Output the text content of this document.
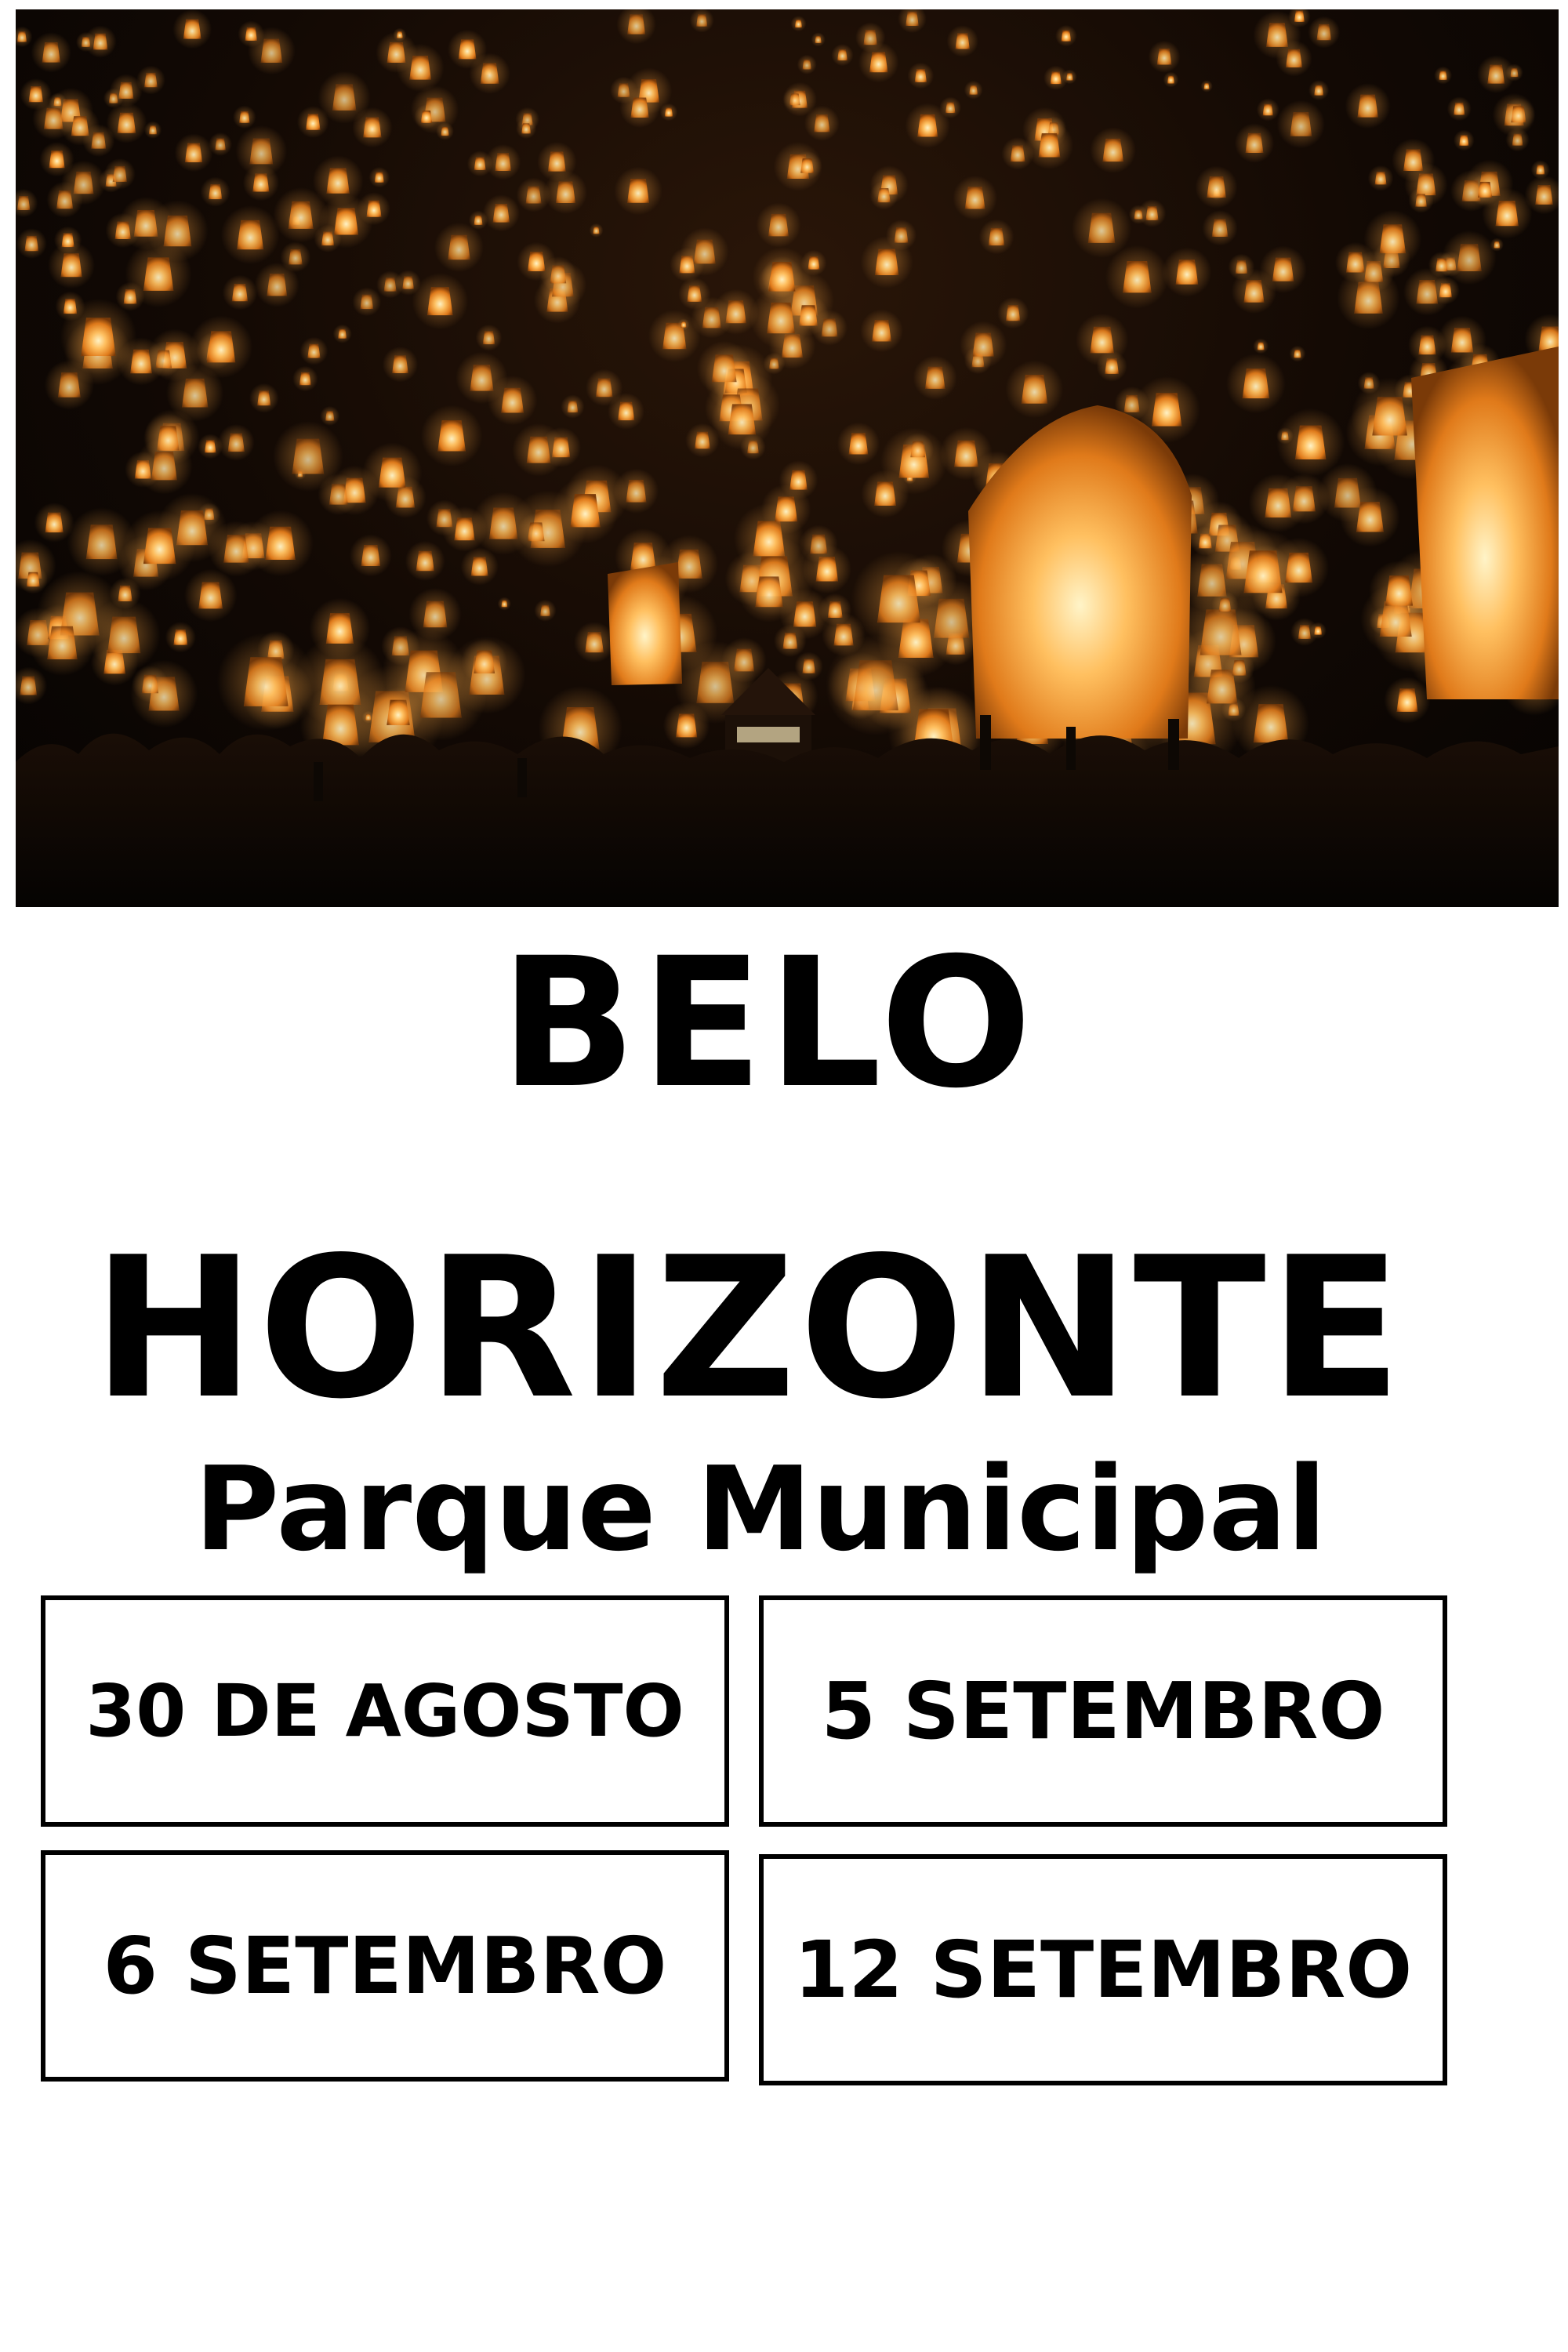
BELO
HORIZONTE
Parque Municipal
30 DE AGOSTO 5 SETEMBRO
6 SETEMBRO 12 SETEMBRO
